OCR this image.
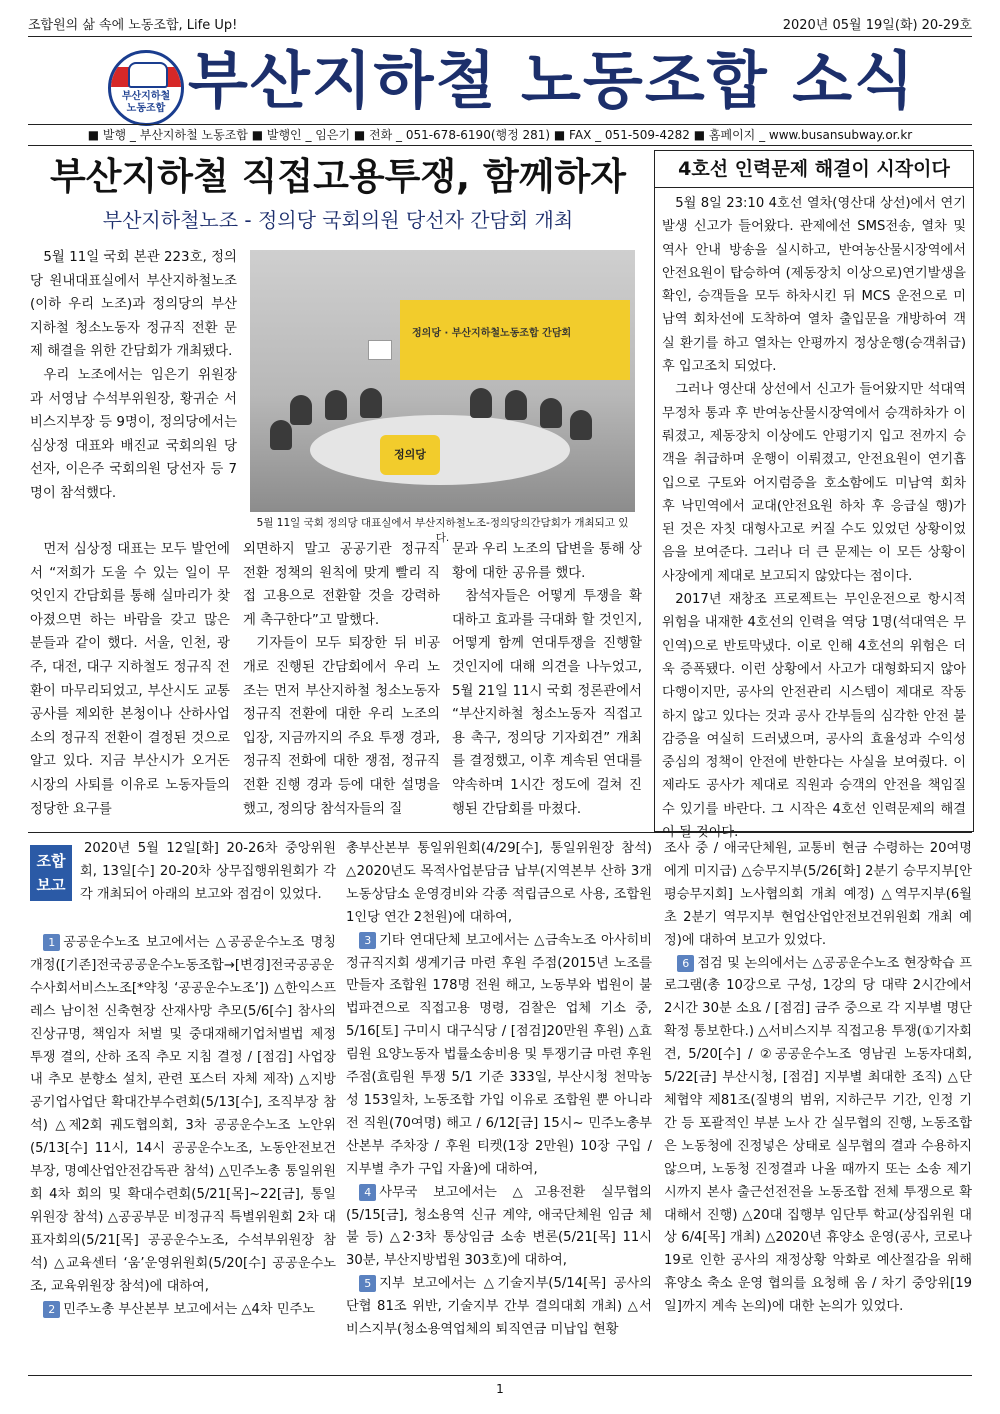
조합원의 삶 속에 노동조합, Life Up!	2020년 05월 19일(화) 20-29호
부산지하철
노동조합 부산지하철 노동조합 소식
■ 발행 _ 부산지하철 노동조합 ■ 발행인 _ 임은기 ■ 전화 _ 051-678-6190(행정 281) ■ FAX _ 051-509-4282 ■ 홈페이지 _ www.busansubway.or.kr
부산지하철 직접고용투쟁, 함께하자
부산지하철노조 - 정의당 국회의원 당선자 간담회 개최

5월 11일 국회 본관 223호, 정의당 원내대표실에서 부산지하철노조(이하 우리 노조)과 정의당의 부산지하철 청소노동자 정규직 전환 문제 해결을 위한 간담회가 개최됐다.

우리 노조에서는 임은기 위원장과 서영남 수석부위원장, 황귀순 서비스지부장 등 9명이, 정의당에서는 심상정 대표와 배진교 국회의원 당선자, 이은주 국회의원 당선자 등 7명이 참석했다.

정의당 · 부산지하철노동조합 간담회
정의당
5월 11일 국회 정의당 대표실에서 부산지하철노조-정의당의간담회가 개최되고 있다.

먼저 심상정 대표는 모두 발언에서 “저희가 도울 수 있는 일이 무엇인지 간담회를 통해 실마리가 찾아졌으면 하는 바람을 갖고 많은 분들과 같이 했다. 서울, 인천, 광주, 대전, 대구 지하철도 정규직 전환이 마무리되었고, 부산시도 교통공사를 제외한 본청이나 산하사업소의 정규직 전환이 결정된 것으로 알고 있다. 지금 부산시가 오거돈 시장의 사퇴를 이유로 노동자들의 정당한 요구를

외면하지 말고 공공기관 정규직 전환 정책의 원칙에 맞게 빨리 직접 고용으로 전환할 것을 강력하게 촉구한다”고 말했다.

기자들이 모두 퇴장한 뒤 비공개로 진행된 간담회에서 우리 노조는 먼저 부산지하철 청소노동자 정규직 전환에 대한 우리 노조의 입장, 지금까지의 주요 투쟁 경과, 정규직 전화에 대한 쟁점, 정규직 전환 진행 경과 등에 대한 설명을 했고, 정의당 참석자들의 질

문과 우리 노조의 답변을 통해 상황에 대한 공유를 했다.

참석자들은 어떻게 투쟁을 확대하고 효과를 극대화 할 것인지, 어떻게 함께 연대투쟁을 진행할 것인지에 대해 의견을 나누었고, 5월 21일 11시 국회 정론관에서 “부산지하철 청소노동자 직접고용 촉구, 정의당 기자회견” 개최를 결정했고, 이후 계속된 연대를 약속하며 1시간 정도에 걸쳐 진행된 간담회를 마쳤다.

4호선 인력문제 해결이 시작이다

5월 8일 23:10 4호선 열차(영산대 상선)에서 연기 발생 신고가 들어왔다. 관제에선 SMS전송, 열차 및 역사 안내 방송을 실시하고, 반여농산물시장역에서 안전요원이 탑승하여 (제동장치 이상으로)연기발생을 확인, 승객들을 모두 하차시킨 뒤 MCS 운전으로 미남역 회차선에 도착하여 열차 출입문을 개방하여 객실 환기를 하고 열차는 안평까지 정상운행(승객취급) 후 입고조치 되었다.

그러나 영산대 상선에서 신고가 들어왔지만 석대역 무정차 통과 후 반여농산물시장역에서 승객하차가 이뤄졌고, 제동장치 이상에도 안평기지 입고 전까지 승객을 취급하며 운행이 이뤄졌고, 안전요원이 연기흡입으로 구토와 어지럼증을 호소함에도 미남역 회차 후 낙민역에서 교대(안전요원 하차 후 응급실 행)가 된 것은 자칫 대형사고로 커질 수도 있었던 상황이었음을 보여준다. 그러나 더 큰 문제는 이 모든 상황이 사장에게 제대로 보고되지 않았다는 점이다.

2017년 재창조 프로젝트는 무인운전으로 항시적 위험을 내재한 4호선의 인력을 역당 1명(석대역은 무인역)으로 반토막냈다. 이로 인해 4호선의 위험은 더욱 증폭됐다. 이런 상황에서 사고가 대형화되지 않아 다행이지만, 공사의 안전관리 시스템이 제대로 작동하지 않고 있다는 것과 공사 간부들의 심각한 안전 불감증을 여실히 드러냈으며, 공사의 효율성과 수익성 중심의 정책이 안전에 반한다는 사실을 보여줬다. 이제라도 공사가 제대로 직원과 승객의 안전을 책임질 수 있기를 바란다. 그 시작은 4호선 인력문제의 해결이 될 것이다.

조합
보고

2020년 5월 12일[화] 20-26차 중앙위원회, 13일[수] 20-20차 상무집행위원회가 각각 개최되어 아래의 보고와 점검이 있었다.

1 공공운수노조 보고에서는 △공공운수노조 명칭 개정([기존]전국공공운수노동조합→[변경]전국공공운수사회서비스노조[*약칭 ‘공공운수노조’]) △한익스프레스 남이천 신축현장 산재사망 추모(5/6[수] 참사의 진상규명, 책임자 처벌 및 중대재해기업처벌법 제정 투쟁 결의, 산하 조직 추모 지침 결정 / [점검] 사업장 내 추모 분향소 설치, 관련 포스터 자체 제작) △지방공기업사업단 확대간부수련회(5/13[수], 조직부장 참석) △제2회 궤도협의회, 3차 공공운수노조 노안위(5/13[수] 11시, 14시 공공운수노조, 노동안전보건부장, 명예산업안전감독관 참석) △민주노총 통일위원회 4차 회의 및 확대수련회(5/21[목]~22[금], 통일위원장 참석) △공공부문 비정규직 특별위원회 2차 대표자회의(5/21[목] 공공운수노조, 수석부위원장 참석) △교육센터 ‘움’운영위원회(5/20[수] 공공운수노조, 교육위원장 참석)에 대하여,

2 민주노총 부산본부 보고에서는 △4차 민주노

총부산본부 통일위원회(4/29[수], 통일위원장 참석) △2020년도 목적사업분담금 납부(지역본부 산하 3개 노동상담소 운영경비와 각종 적립금으로 사용, 조합원 1인당 연간 2천원)에 대하여,

3 기타 연대단체 보고에서는 △금속노조 아사히비정규직지회 생계기금 마련 후원 주점(2015년 노조를 만들자 조합원 178명 전원 해고, 노동부와 법원이 불법파견으로 직접고용 명령, 검찰은 업체 기소 중, 5/16[토] 구미시 대구식당 / [점검]20만원 후원) △효림원 요양노동자 법률소송비용 및 투쟁기금 마련 후원 주점(효림원 투쟁 5/1 기준 333일, 부산시청 천막농성 153일차, 노동조합 가입 이유로 조합원 뿐 아니라 전 직원(70여명) 해고 / 6/12[금] 15시~ 민주노총부산본부 주차장 / 후원 티켓(1장 2만원) 10장 구입 / 지부별 추가 구입 자율)에 대하여,

4 사무국 보고에서는 △고용전환 실무협의(5/15[금], 청소용역 신규 계약, 애국단체원 임금 체불 등) △2·3차 통상임금 소송 변론(5/21[목] 11시 30분, 부산지방법원 303호)에 대하여,

5 지부 보고에서는 △기술지부(5/14[목] 공사의 단협 81조 위반, 기술지부 간부 결의대회 개최) △서비스지부(청소용역업체의 퇴직연금 미납입 현황

조사 중 / 애국단체원, 교통비 현금 수령하는 20여명에게 미지급) △승무지부(5/26[화] 2분기 승무지부[안평승무지회] 노사협의회 개최 예정) △역무지부(6월 초 2분기 역무지부 현업산업안전보건위원회 개최 예정)에 대하여 보고가 있었다.

6 점검 및 논의에서는 △공공운수노조 현장학습 프로그램(총 10강으로 구성, 1강의 당 대략 2시간에서 2시간 30분 소요 / [점검] 금주 중으로 각 지부별 명단 확정 통보한다.) △서비스지부 직접고용 투쟁(①기자회견, 5/20[수] / ②공공운수노조 영남권 노동자대회, 5/22[금] 부산시청, [점검] 지부별 최대한 조직) △단체협약 제81조(질병의 범위, 지하근무 기간, 인정 기간 등 포괄적인 부분 노사 간 실무협의 진행, 노동조합은 노동청에 진정넣은 상태로 실무협의 결과 수용하지 않으며, 노동청 진정결과 나올 때까지 또는 소송 제기 시까지 본사 출근선전전을 노동조합 전체 투쟁으로 확대해서 진행) △20대 집행부 임단투 학교(상집위원 대상 6/4[목] 개최) △2020년 휴양소 운영(공사, 코로나19로 인한 공사의 재정상황 악화로 예산절감을 위해 휴양소 축소 운영 협의를 요청해 옴 / 차기 중앙위[19일]까지 계속 논의)에 대한 논의가 있었다.

1
